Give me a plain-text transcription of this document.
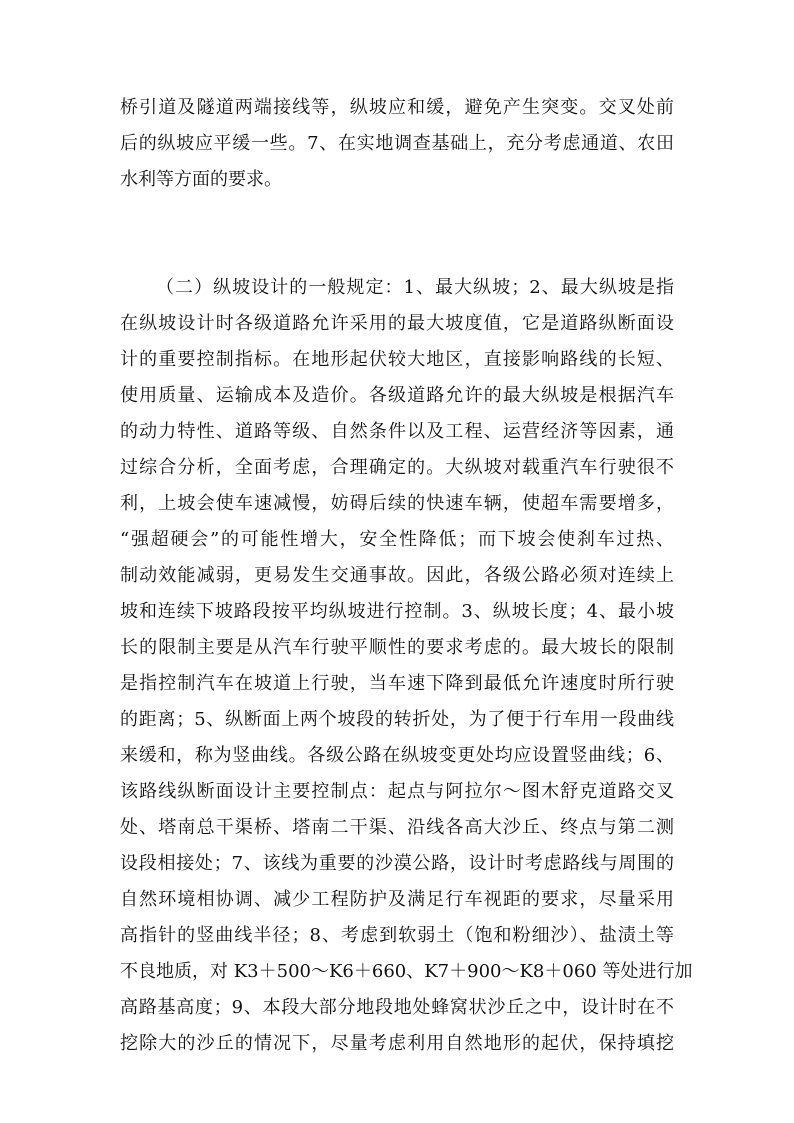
桥引道及隧道两端接线等，纵坡应和缓，避免产生突变。交叉处前
后的纵坡应平缓一些。7、在实地调查基础上，充分考虑通道、农田
水利等方面的要求。
（二）纵坡设计的一般规定：1、最大纵坡；2、最大纵坡是指
在纵坡设计时各级道路允许采用的最大坡度值，它是道路纵断面设
计的重要控制指标。在地形起伏较大地区，直接影响路线的长短、
使用质量、运输成本及造价。各级道路允许的最大纵坡是根据汽车
的动力特性、道路等级、自然条件以及工程、运营经济等因素，通
过综合分析，全面考虑，合理确定的。大纵坡对载重汽车行驶很不
利，上坡会使车速减慢，妨碍后续的快速车辆，使超车需要增多，
“强超硬会”的可能性增大，安全性降低；而下坡会使刹车过热、
制动效能减弱，更易发生交通事故。因此，各级公路必须对连续上
坡和连续下坡路段按平均纵坡进行控制。3、纵坡长度；4、最小坡
长的限制主要是从汽车行驶平顺性的要求考虑的。最大坡长的限制
是指控制汽车在坡道上行驶，当车速下降到最低允许速度时所行驶
的距离；5、纵断面上两个坡段的转折处，为了便于行车用一段曲线
来缓和，称为竖曲线。各级公路在纵坡变更处均应设置竖曲线；6、
该路线纵断面设计主要控制点：起点与阿拉尔～图木舒克道路交叉
处、塔南总干渠桥、塔南二干渠、沿线各高大沙丘、终点与第二测
设段相接处；7、该线为重要的沙漠公路，设计时考虑路线与周围的
自然环境相协调、减少工程防护及满足行车视距的要求，尽量采用
高指针的竖曲线半径；8、考虑到软弱土（饱和粉细沙）、盐渍土等
不良地质，对 K3＋500～K6＋660、K7＋900～K8＋060 等处进行加
高路基高度；9、本段大部分地段地处蜂窝状沙丘之中，设计时在不
挖除大的沙丘的情况下，尽量考虑利用自然地形的起伏，保持填挖
